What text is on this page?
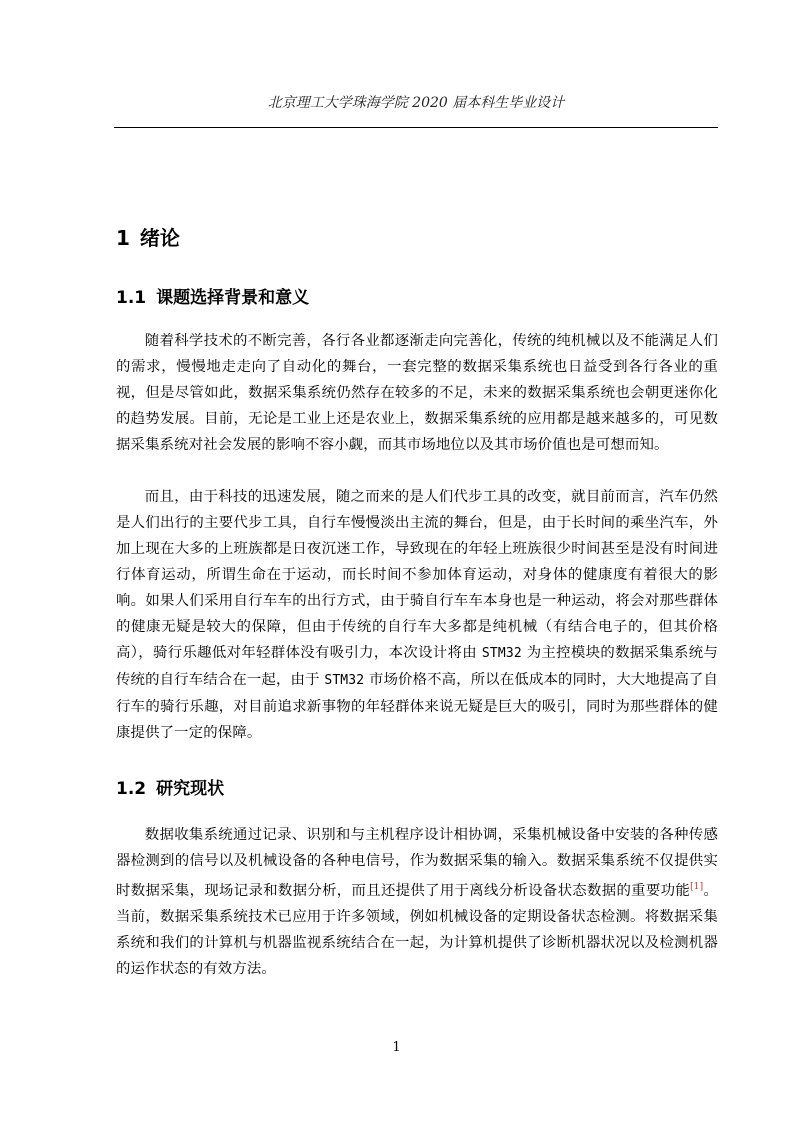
北京理工大学珠海学院 2020 届本科生毕业设计
1 绪论
1.1 课题选择背景和意义

随着科学技术的不断完善，各行各业都逐渐走向完善化，传统的纯机械以及不能满足人们的需求，慢慢地走走向了自动化的舞台，一套完整的数据采集系统也日益受到各行各业的重视，但是尽管如此，数据采集系统仍然存在较多的不足，未来的数据采集系统也会朝更迷你化的趋势发展。目前，无论是工业上还是农业上，数据采集系统的应用都是越来越多的，可见数据采集系统对社会发展的影响不容小觑，而其市场地位以及其市场价值也是可想而知。

而且，由于科技的迅速发展，随之而来的是人们代步工具的改变，就目前而言，汽车仍然 是人们出行的主要代步工具，自行车慢慢淡出主流的舞台，但是，由于长时间的乘坐汽车，外加上现在大多的上班族都是日夜沉迷工作，导致现在的年轻上班族很少时间甚至是没有时间进行体育运动，所谓生命在于运动，而长时间不参加体育运动，对身体的健康度有着很大的影响。如果人们采用自行车车的出行方式，由于骑自行车车本身也是一种运动，将会对那些群体的健康无疑是较大的保障，但由于传统的自行车大多都是纯机械（有结合电子的，但其价格高），骑行乐趣低对年轻群体没有吸引力，本次设计将由 STM32 为主控模块的数据采集系统与传统的自行车结合在一起，由于 STM32 市场价格不高，所以在低成本的同时，大大地提高了自行车的骑行乐趣，对目前追求新事物的年轻群体来说无疑是巨大的吸引，同时为那些群体的健康提供了一定的保障。

1.2 研究现状

数据收集系统通过记录、识别和与主机程序设计相协调，采集机械设备中安装的各种传感器检测到的信号以及机械设备的各种电信号，作为数据采集的输入。数据采集系统不仅提供实时数据采集，现场记录和数据分析，而且还提供了用于离线分析设备状态数据的重要功能[1]。当前，数据采集系统技术已应用于许多领域，例如机械设备的定期设备状态检测。将数据采集系统和我们的计算机与机器监视系统结合在一起，为计算机提供了诊断机器状况以及检测机器的运作状态的有效方法。

1
